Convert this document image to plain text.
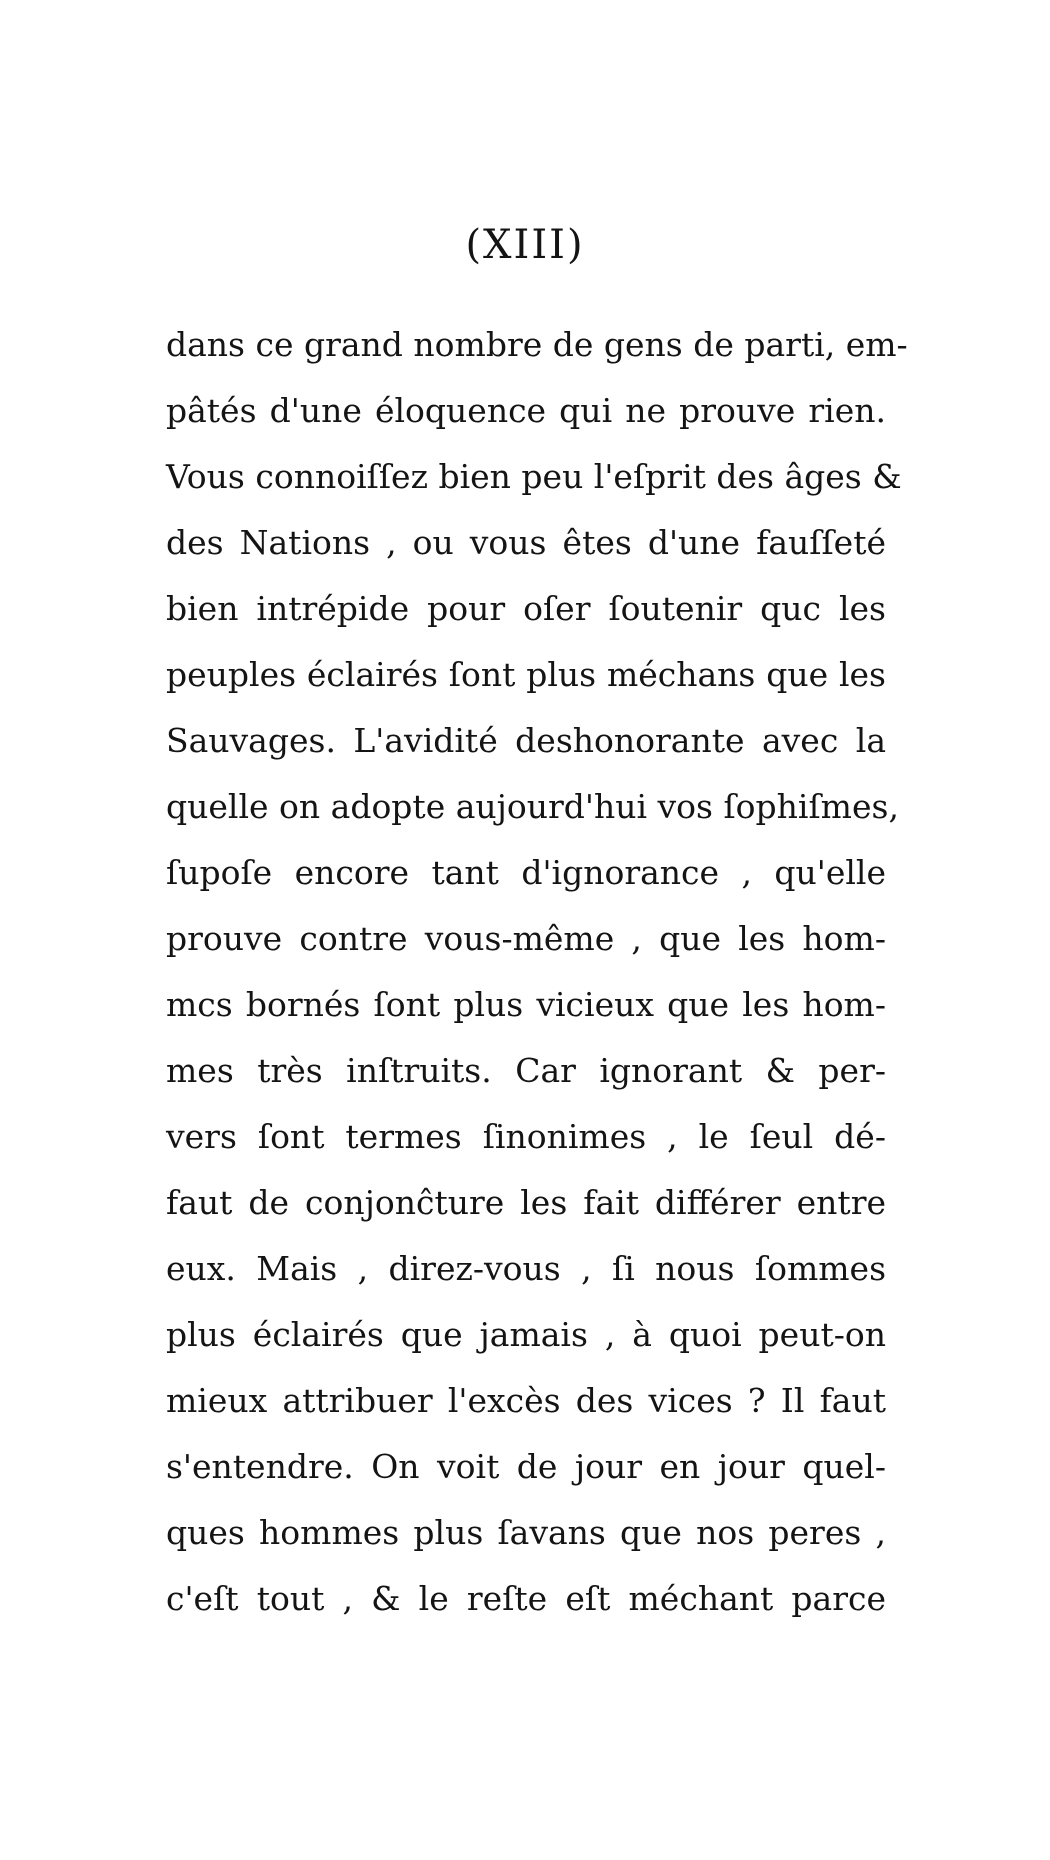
(XIII)
dans ce grand nombre de gens de parti, em-
pâtés d'une éloquence qui ne prouve rien.
Vous connoiſſez bien peu l'eſprit des âges &
des Nations , ou vous êtes d'une fauſſeté
bien intrépide pour oſer ſoutenir quc les
peuples éclairés ſont plus méchans que les
Sauvages. L'avidité deshonorante avec la
quelle on adopte aujourd'hui vos ſophiſmes,
ſupoſe encore tant d'ignorance , qu'elle
prouve contre vous-même , que les hom-
mcs bornés ſont plus vicieux que les hom-
mes très inſtruits. Car ignorant & per-
vers ſont termes ſinonimes , le ſeul dé-
faut de conjonĉture les fait différer entre
eux. Mais , direz-vous , ſi nous ſommes
plus éclairés que jamais , à quoi peut-on
mieux attribuer l'excès des vices ? Il faut
s'entendre. On voit de jour en jour quel-
ques hommes plus ſavans que nos peres ,
c'eſt tout , & le reſte eſt méchant parce
